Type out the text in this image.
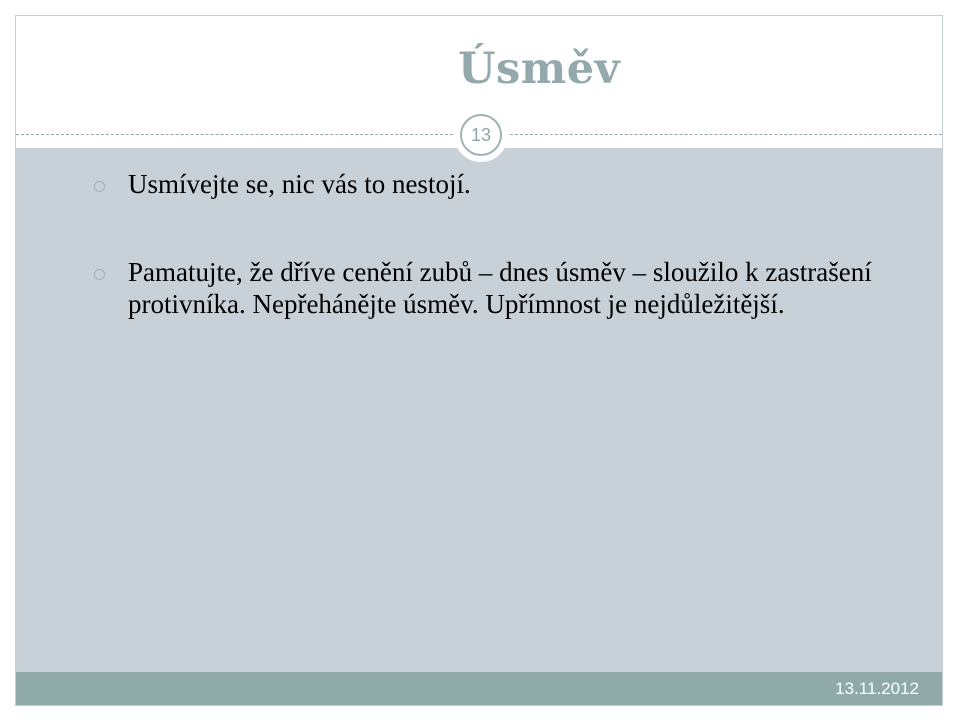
Úsměv
13.11.2012
13
Usmívejte se, nic vás to nestojí.
Pamatujte, že dříve cenění zubů – dnes úsměv – sloužilo k zastrašení protivníka. Nepřehánějte úsměv. Upřímnost je nejdůležitější.
